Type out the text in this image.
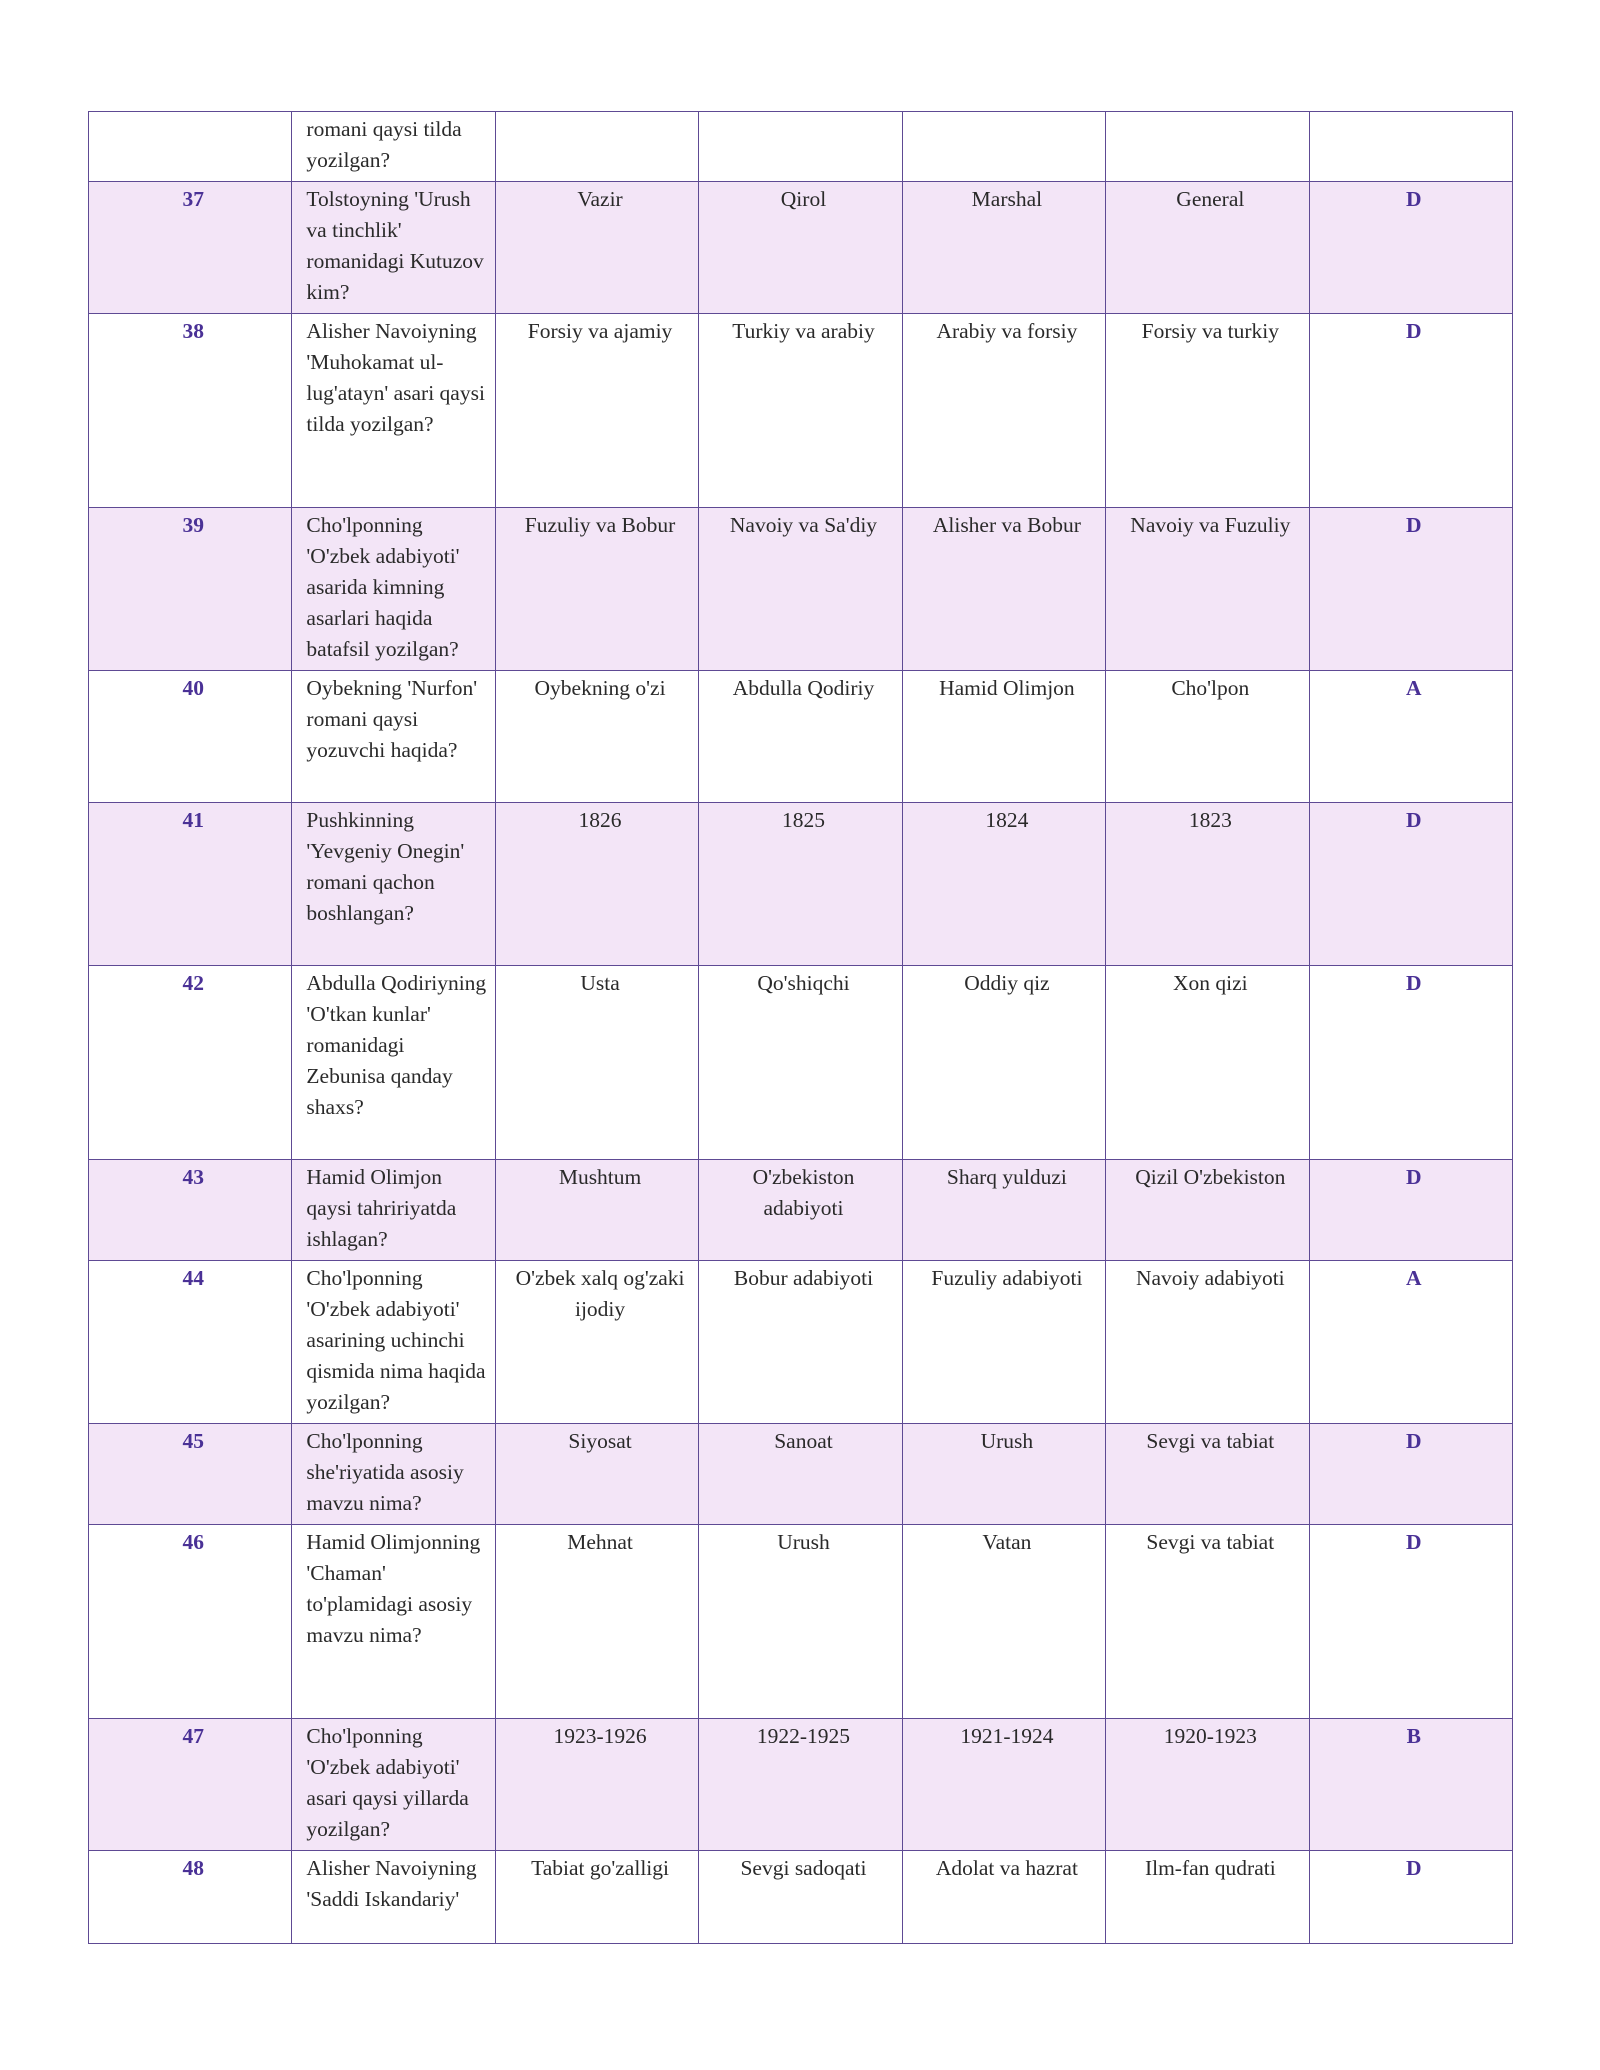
	romani qaysi tilda yozilgan?					
37	Tolstoyning 'Urush va tinchlik' romanidagi Kutuzov kim?	Vazir	Qirol	Marshal	General	D
38	Alisher Navoiyning 'Muhokamat ul-lug'atayn' asari qaysi tilda yozilgan?	Forsiy va ajamiy	Turkiy va arabiy	Arabiy va forsiy	Forsiy va turkiy	D
39	Cho'lponning 'O'zbek adabiyoti' asarida kimning asarlari haqida batafsil yozilgan?	Fuzuliy va Bobur	Navoiy va Sa'diy	Alisher va Bobur	Navoiy va Fuzuliy	D
40	Oybekning 'Nurfon' romani qaysi yozuvchi haqida?	Oybekning o'zi	Abdulla Qodiriy	Hamid Olimjon	Cho'lpon	A
41	Pushkinning 'Yevgeniy Onegin' romani qachon boshlangan?	1826	1825	1824	1823	D
42	Abdulla Qodiriyning 'O'tkan kunlar' romanidagi Zebunisa qanday shaxs?	Usta	Qo'shiqchi	Oddiy qiz	Xon qizi	D
43	Hamid Olimjon qaysi tahririyatda ishlagan?	Mushtum	O'zbekiston adabiyoti	Sharq yulduzi	Qizil O'zbekiston	D
44	Cho'lponning 'O'zbek adabiyoti' asarining uchinchi qismida nima haqida yozilgan?	O'zbek xalq og'zaki ijodiy	Bobur adabiyoti	Fuzuliy adabiyoti	Navoiy adabiyoti	A
45	Cho'lponning she'riyatida asosiy mavzu nima?	Siyosat	Sanoat	Urush	Sevgi va tabiat	D
46	Hamid Olimjonning 'Chaman' to'plamidagi asosiy mavzu nima?	Mehnat	Urush	Vatan	Sevgi va tabiat	D
47	Cho'lponning 'O'zbek adabiyoti' asari qaysi yillarda yozilgan?	1923-1926	1922-1925	1921-1924	1920-1923	B
48	Alisher Navoiyning 'Saddi Iskandariy'	Tabiat go'zalligi	Sevgi sadoqati	Adolat va hazrat	Ilm-fan qudrati	D
